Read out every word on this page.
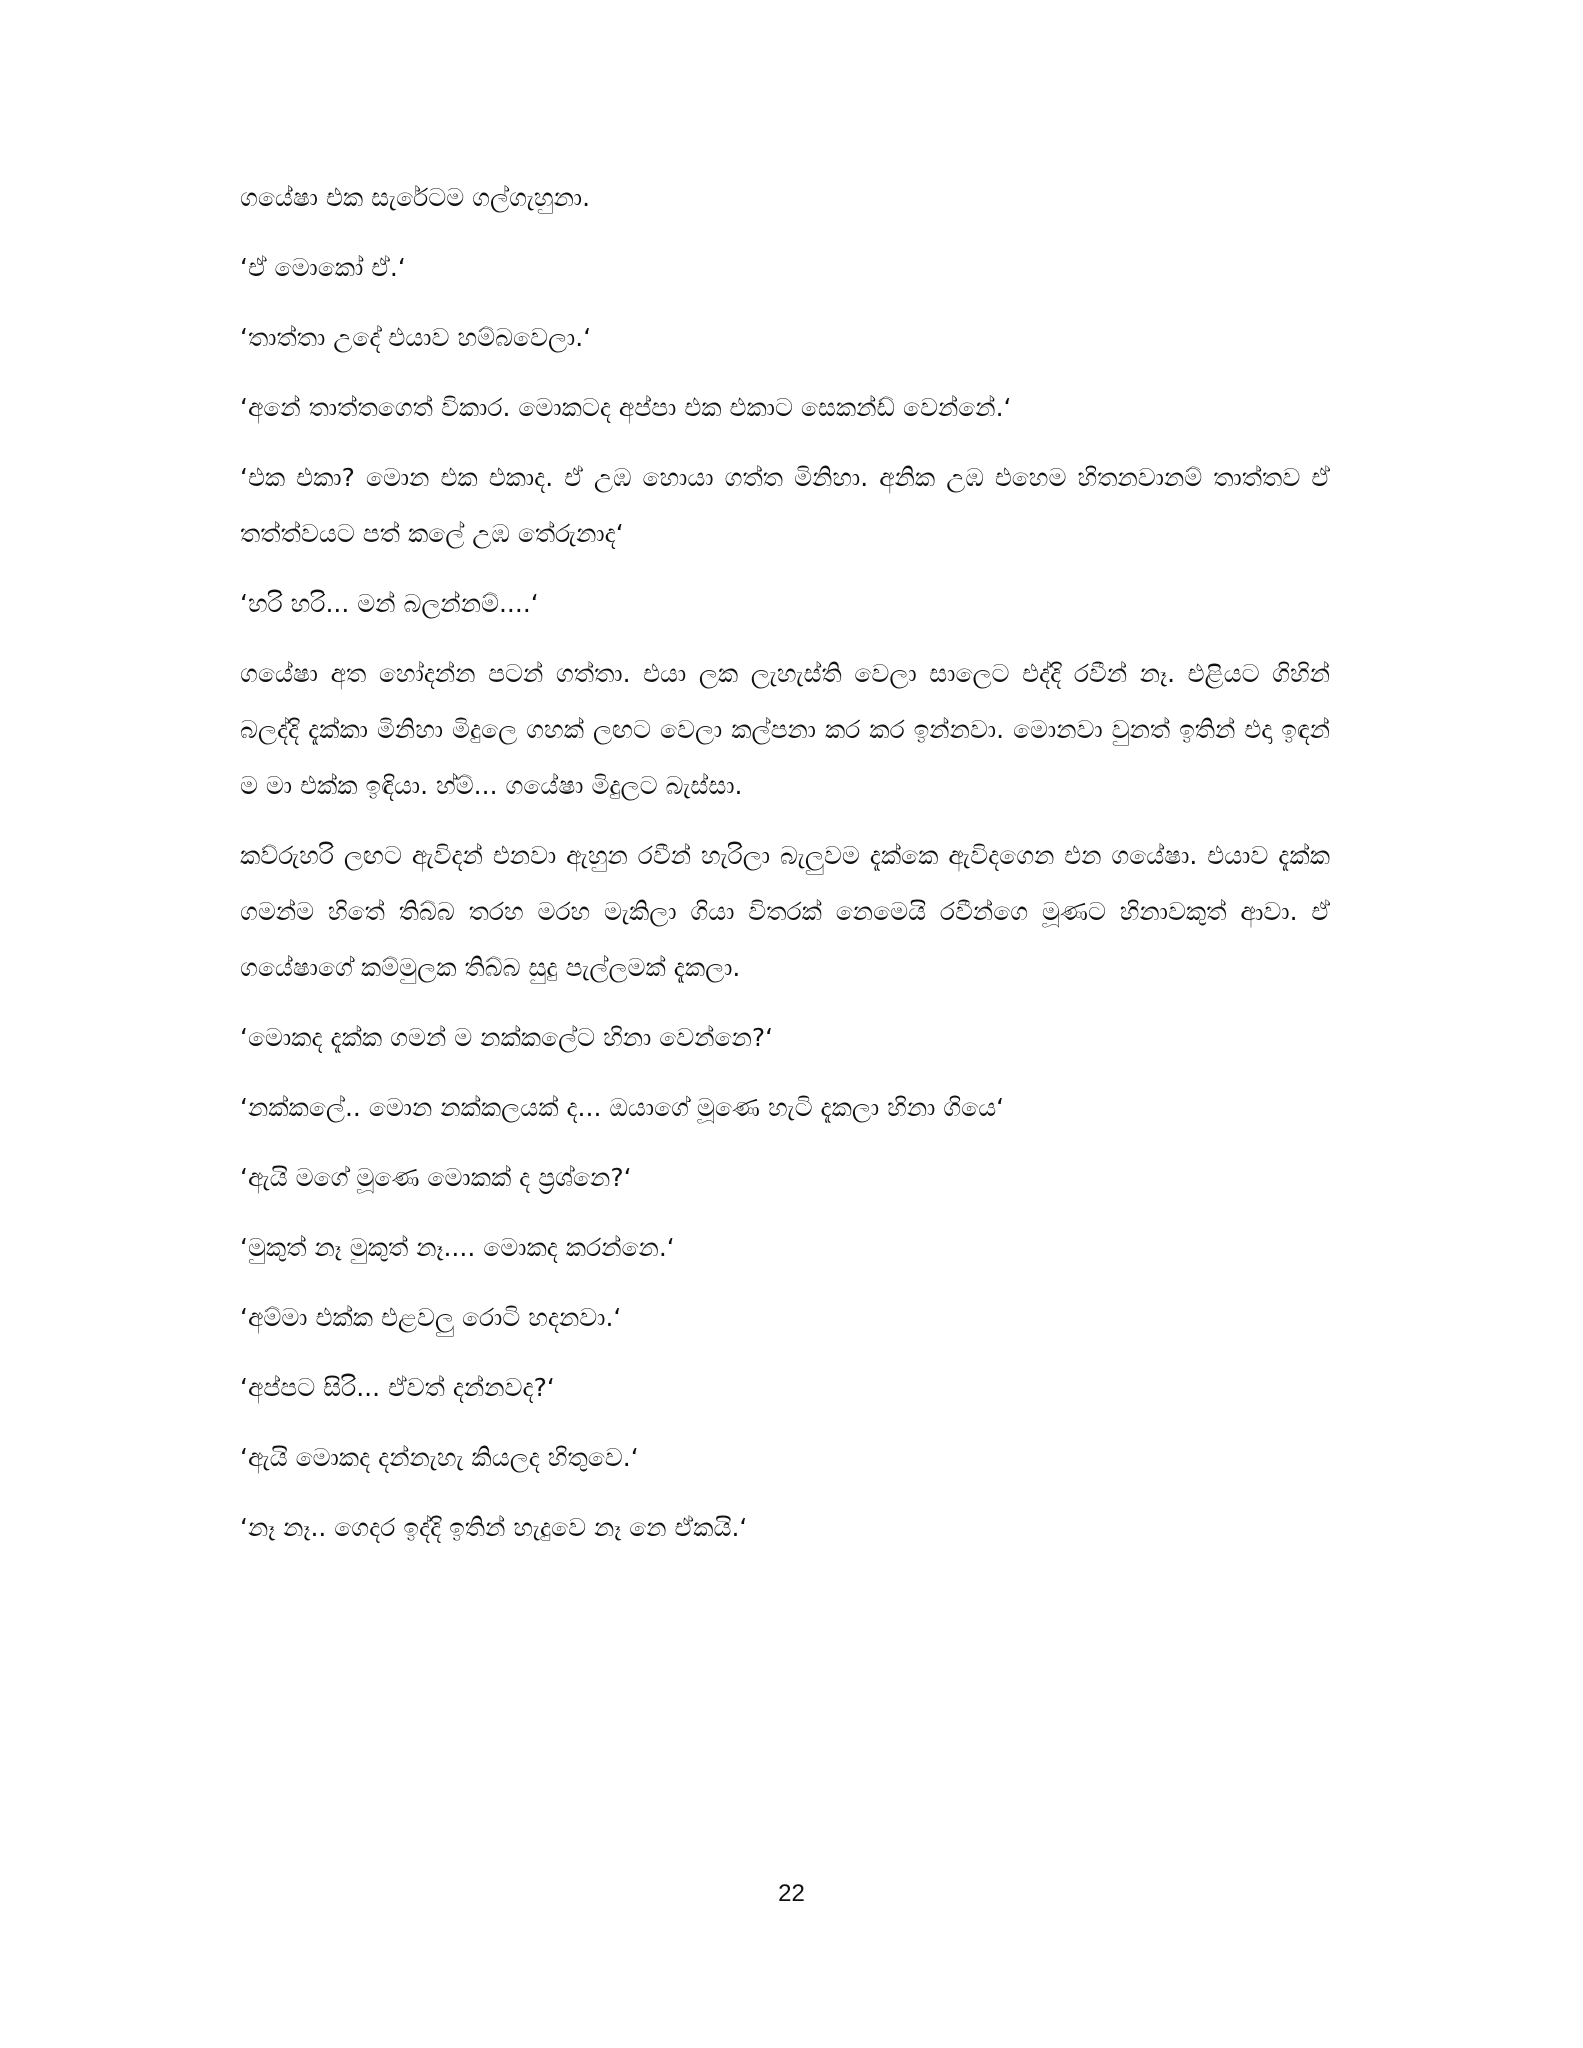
ගයේෂා එක සැරේටම ගල්ගැහුනා.

‘ඒ මොකෝ ඒ.‘

‘තාත්තා උදේ එයාව හම්බවෙලා.‘

‘අනේ තාත්තගෙත් විකාර. මොකටද අප්පා එක එකාට සෙකන්ඩ් වෙන්නේ.‘

‘එක එකා? මොන එක එකාද. ඒ උඹ හොයා ගත්ත මිනිහා. අනික උඹ එහෙම හිතනවානම් තාත්තව ඒ තත්ත්වයට පත් කලේ උඹ තේරුනාද‘

‘හරි හරි... මන් බලන්නම්....‘

ගයේෂා අත හෝදන්න පටන් ගත්තා. එයා ලක ලැහැස්ති වෙලා සාලෙට එද්දි රවීන් නෑ. එළියට ගිහින් බලද්දි දැක්කා මිනිහා මිදුලෙ ගහක් ලඟට වෙලා කල්පනා කර කර ඉන්නවා. මොනවා වුනත් ඉතින් එදා ඉඳන් ම මා එක්ක ඉඳියා. හ්ම්... ගයේෂා මිදුලට බැස්සා.

කව්රුහරි ලඟට ඇවිදන් එනවා ඇහුන රවීන් හැරිලා බැලුවම දැක්කෙ ඇවිදගෙන එන ගයේෂා. එයාව දැක්ක ගමන්ම හිතේ තිබ්බ තරහ මරහ මැකිලා ගියා විතරක් නෙමෙයි රවීන්ගෙ මූණට හිනාවකුත් ආවා. ඒ ගයේෂාගේ කම්මුලක තිබ්බ සුදු පැල්ලමක් දැකලා.

‘මොකද දැක්ක ගමන් ම නක්කලේට හිනා වෙන්නෙ?‘

‘නක්කලේ.. මොන නක්කලයක් ද... ඔයාගේ මූණෙ හැටි දැකලා හිනා ගියෙ‘

‘ඇයි මගේ මූණෙ මොකක් ද ප්‍රශ්නෙ?‘

‘මුකුත් නෑ මුකුත් නෑ.... මොකද කරන්නෙ.‘

‘අම්මා එක්ක එළවලු රොටි හදනවා.‘

‘අප්පට සිරි... ඒවත් දන්නවද?‘

‘ඇයි මොකද දන්නැහැ කියලද හිතුවෙ.‘

‘නෑ නෑ.. ගෙදර ඉද්දි ඉතින් හැදුවෙ නෑ නෙ ඒකයි.‘

22
